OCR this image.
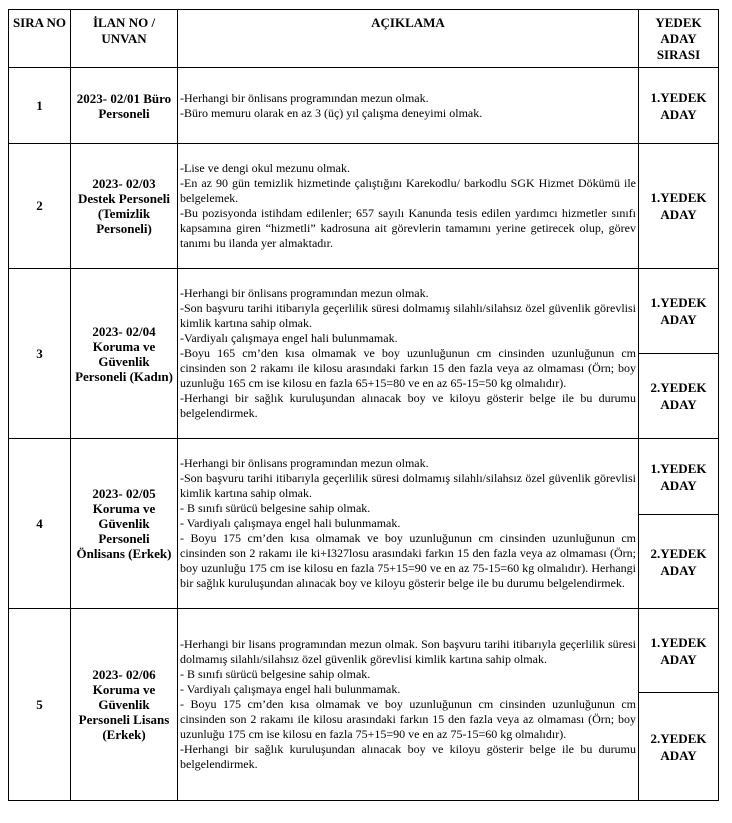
SIRA NO	İLAN NO / UNVAN	AÇIKLAMA	YEDEK ADAY SIRASI
1	2023- 02/01 Büro Personeli	-Herhangi bir önlisans programından mezun olmak.
-Büro memuru olarak en az 3 (üç) yıl çalışma deneyimi olmak.	1.YEDEK ADAY
2	2023- 02/03 Destek Personeli (Temizlik Personeli)	-Lise ve dengi okul mezunu olmak.
-En az 90 gün temizlik hizmetinde çalıştığını Karekodlu/ barkodlu SGK Hizmet Dökümü ile belgelemek.
-Bu pozisyonda istihdam edilenler; 657 sayılı Kanunda tesis edilen yardımcı hizmetler sınıfı kapsamına giren “hizmetli” kadrosuna ait görevlerin tamamını yerine getirecek olup, görev tanımı bu ilanda yer almaktadır.	1.YEDEK ADAY
3	2023- 02/04 Koruma ve Güvenlik Personeli (Kadın)	-Herhangi bir önlisans programından mezun olmak.
-Son başvuru tarihi itibarıyla geçerlilik süresi dolmamış silahlı/silahsız özel güvenlik görevlisi kimlik kartına sahip olmak.
-Vardiyalı çalışmaya engel hali bulunmamak.
-Boyu 165 cm’den kısa olmamak ve boy uzunluğunun cm cinsinden uzunluğunun cm cinsinden son 2 rakamı ile kilosu arasındaki farkın 15 den fazla veya az olmaması (Örn; boy uzunluğu 165 cm ise kilosu en fazla 65+15=80 ve en az 65-15=50 kg olmalıdır).
-Herhangi bir sağlık kuruluşundan alınacak boy ve kiloyu gösterir belge ile bu durumu belgelendirmek.	1.YEDEK ADAY
			2.YEDEK ADAY
4	2023- 02/05 Koruma ve Güvenlik Personeli Önlisans (Erkek)	-Herhangi bir önlisans programından mezun olmak.
-Son başvuru tarihi itibarıyla geçerlilik süresi dolmamış silahlı/silahsız özel güvenlik görevlisi kimlik kartına sahip olmak.
- B sınıfı sürücü belgesine sahip olmak.
- Vardiyalı çalışmaya engel hali bulunmamak.
- Boyu 175 cm’den kısa olmamak ve boy uzunluğunun cm cinsinden uzunluğunun cm cinsinden son 2 rakamı ile ki+I327losu arasındaki farkın 15 den fazla veya az olmaması (Örn; boy uzunluğu 175 cm ise kilosu en fazla 75+15=90 ve en az 75-15=60 kg olmalıdır). Herhangi bir sağlık kuruluşundan alınacak boy ve kiloyu gösterir belge ile bu durumu belgelendirmek.	1.YEDEK ADAY
			2.YEDEK ADAY
5	2023- 02/06 Koruma ve Güvenlik Personeli Lisans (Erkek)	-Herhangi bir lisans programından mezun olmak. Son başvuru tarihi itibarıyla geçerlilik süresi dolmamış silahlı/silahsız özel güvenlik görevlisi kimlik kartına sahip olmak.
- B sınıfı sürücü belgesine sahip olmak.
- Vardiyalı çalışmaya engel hali bulunmamak.
- Boyu 175 cm’den kısa olmamak ve boy uzunluğunun cm cinsinden uzunluğunun cm cinsinden son 2 rakamı ile kilosu arasındaki farkın 15 den fazla veya az olmaması (Örn; boy uzunluğu 175 cm ise kilosu en fazla 75+15=90 ve en az 75-15=60 kg olmalıdır).
-Herhangi bir sağlık kuruluşundan alınacak boy ve kiloyu gösterir belge ile bu durumu belgelendirmek.	1.YEDEK ADAY
			2.YEDEK ADAY
